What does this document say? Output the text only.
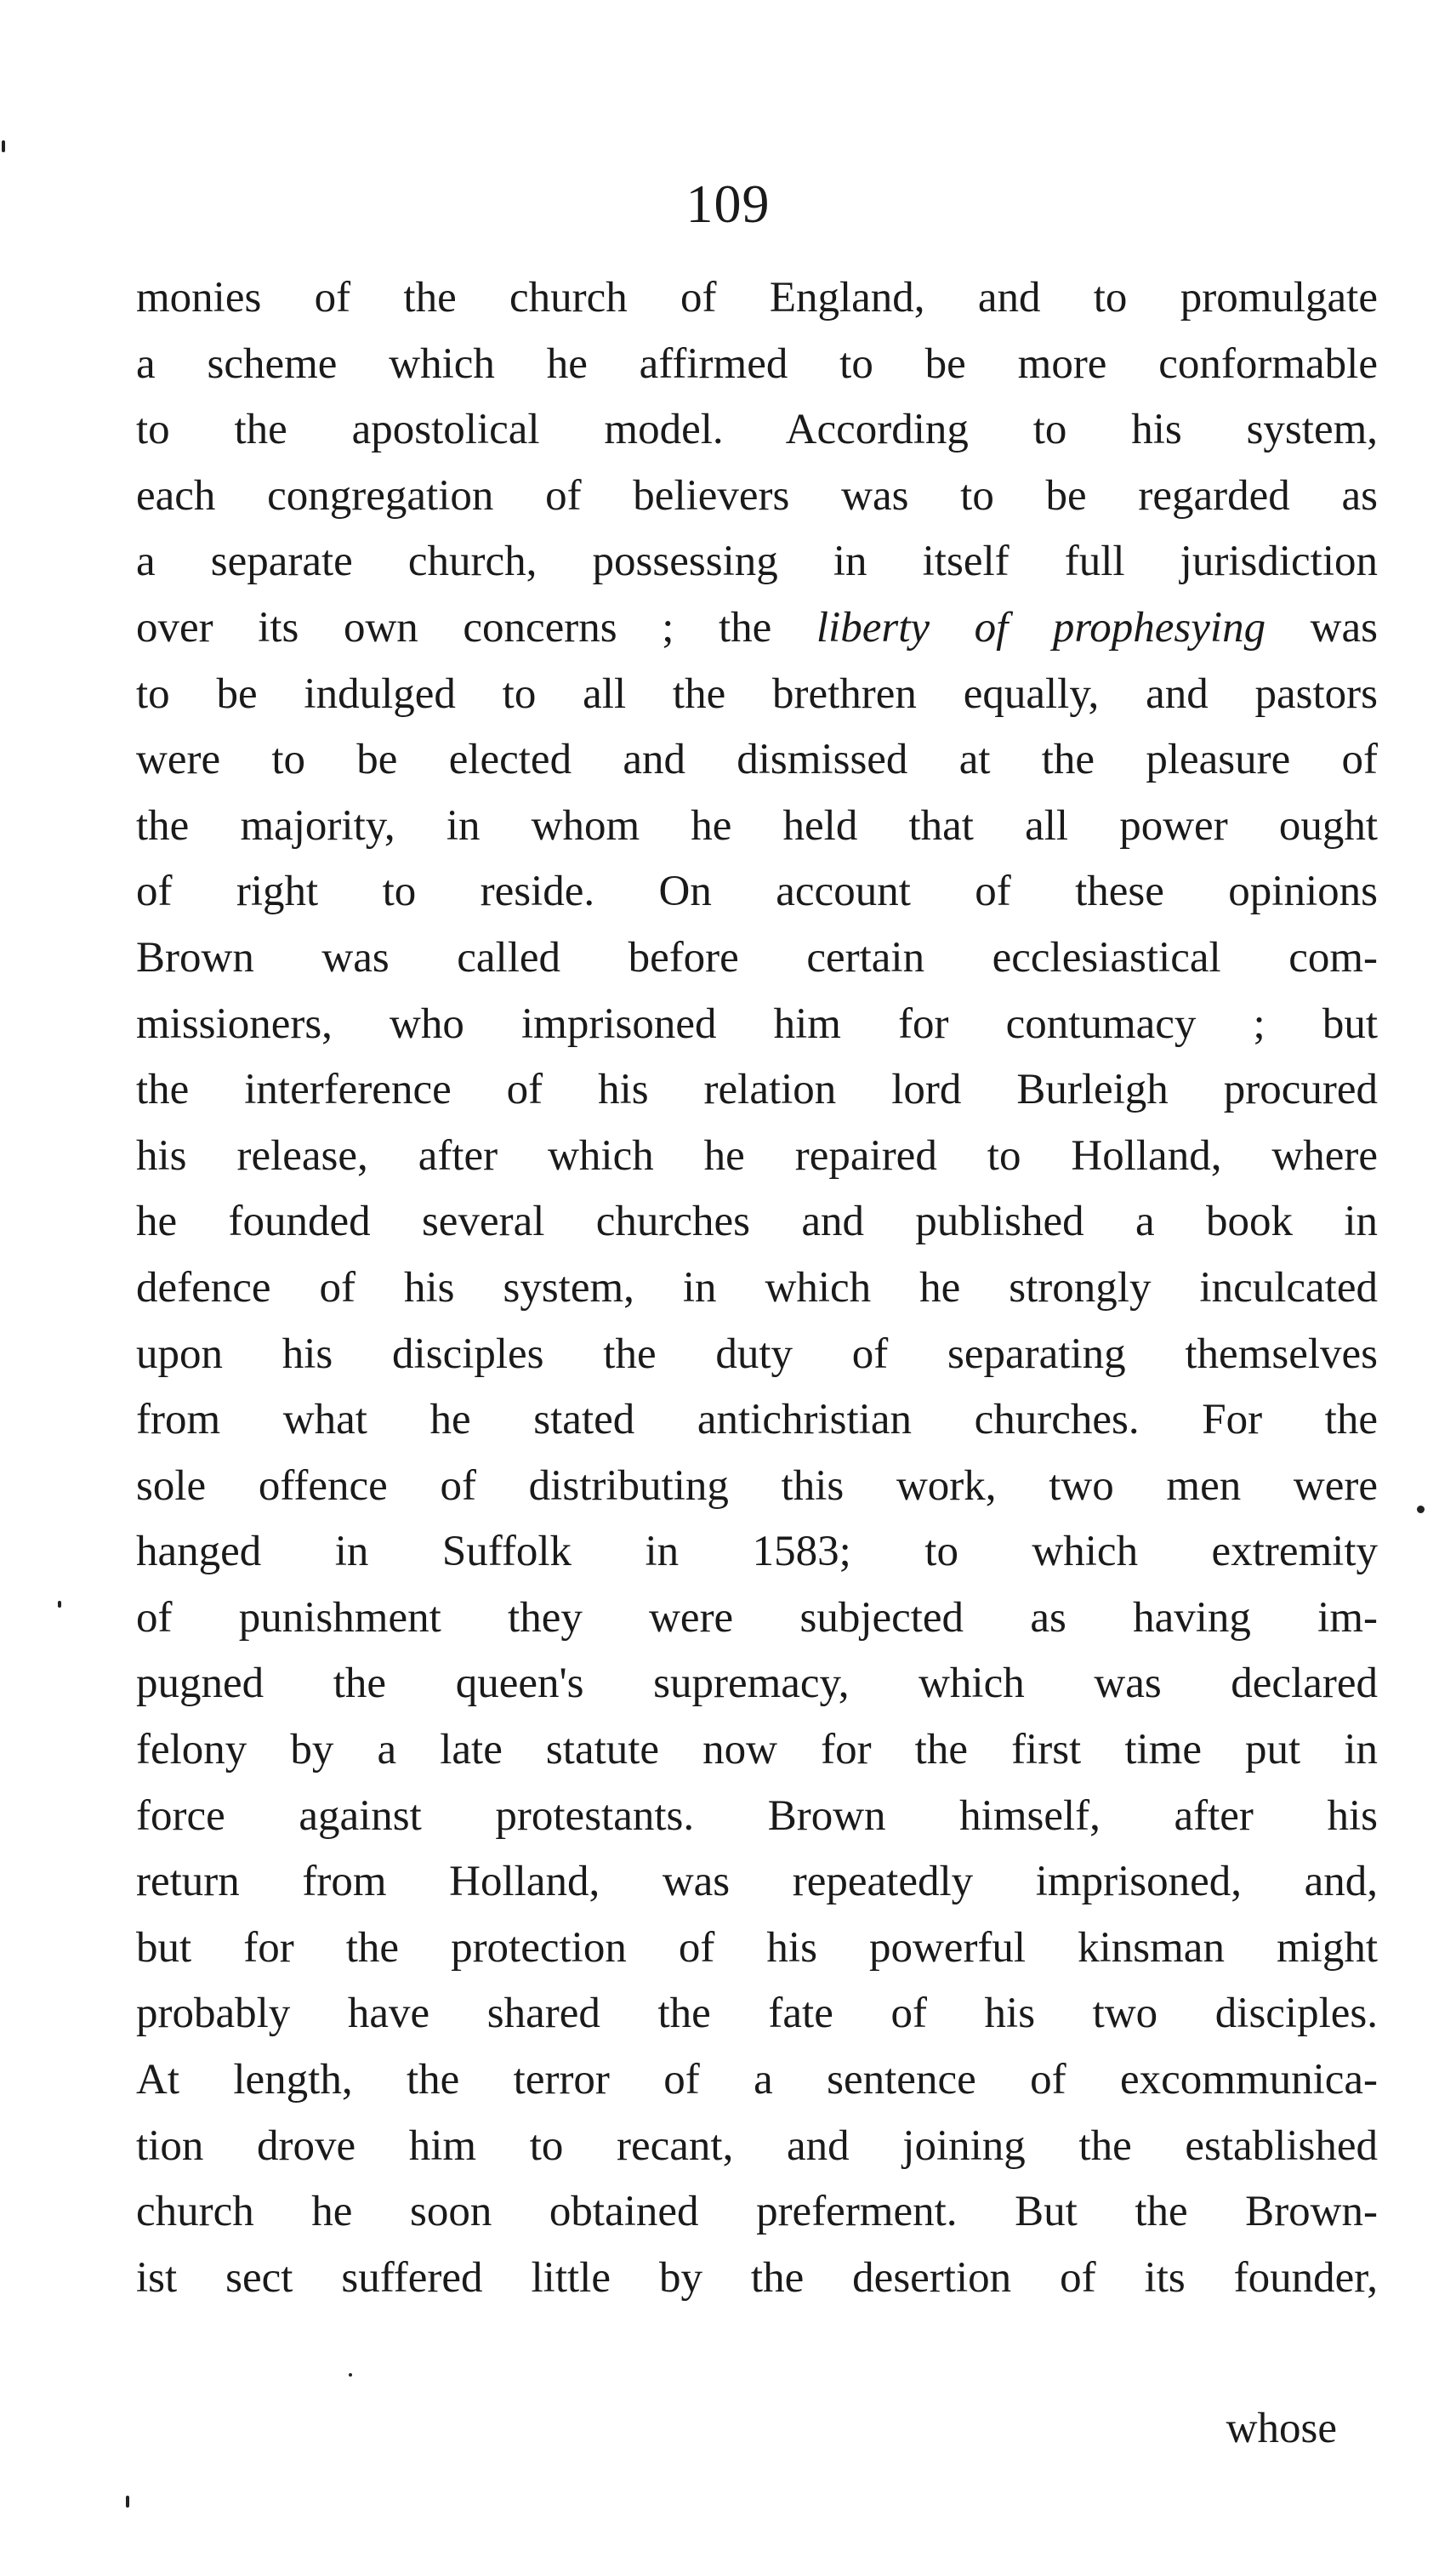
109
monies of the church of England, and to promulgate
a scheme which he affirmed to be more conformable
to the apostolical model. According to his system,
each congregation of believers was to be regarded as
a separate church, possessing in itself full jurisdiction
over its own concerns ; the liberty of prophesying was
to be indulged to all the brethren equally, and pastors
were to be elected and dismissed at the pleasure of
the majority, in whom he held that all power ought
of right to reside. On account of these opinions
Brown was called before certain ecclesiastical com-
missioners, who imprisoned him for contumacy ; but
the interference of his relation lord Burleigh procured
his release, after which he repaired to Holland, where
he founded several churches and published a book in
defence of his system, in which he strongly inculcated
upon his disciples the duty of separating themselves
from what he stated antichristian churches. For the
sole offence of distributing this work, two men were
hanged in Suffolk in 1583; to which extremity
of punishment they were subjected as having im-
pugned the queen's supremacy, which was declared
felony by a late statute now for the first time put in
force against protestants. Brown himself, after his
return from Holland, was repeatedly imprisoned, and,
but for the protection of his powerful kinsman might
probably have shared the fate of his two disciples.
At length, the terror of a sentence of excommunica-
tion drove him to recant, and joining the established
church he soon obtained preferment. But the Brown-
ist sect suffered little by the desertion of its founder,
whose
